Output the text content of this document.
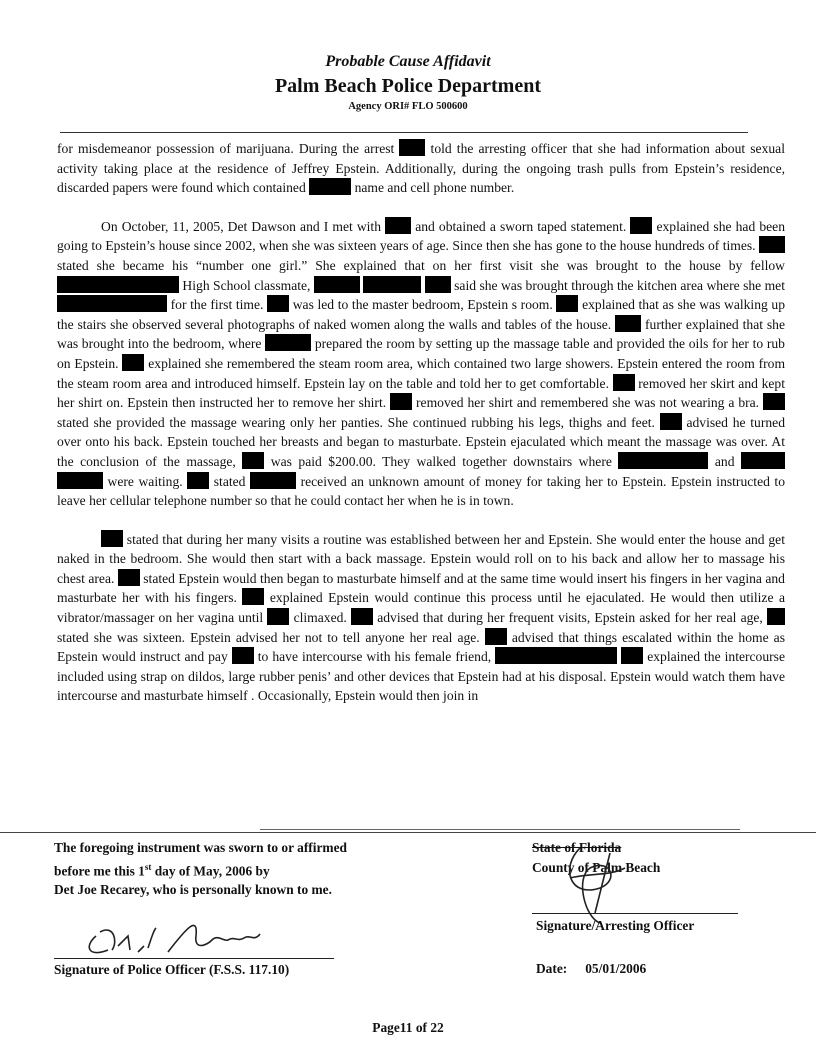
Probable Cause Affidavit
Palm Beach Police Department
Agency ORI# FLO 500600

for misdemeanor possession of marijuana. During the arrest	told the arresting officer that she had information about sexual activity taking place at the residence of Jeffrey Epstein. Additionally, during the ongoing trash pulls from Epstein’s residence, discarded papers were found which contained	name and cell phone number.

On October, 11, 2005, Det Dawson and I met with	and obtained a sworn taped statement. explained she had been going to Epstein’s house since 2002, when she was sixteen years of age. Since then she has gone to the house hundreds of times.  stated she became his “number one girl.” She explained that on her first visit she was brought to the house by fellow  High School classmate,	said she was brought through the kitchen area where she met  for the first time. was led to the master bedroom, Epstein s room. explained that as she was walking up the stairs she observed several photographs of naked women along the walls and tables of the house. further explained that she was brought into the bedroom, where	prepared the room by setting up the massage table and provided the oils for her to rub on Epstein. explained she remembered the steam room area, which contained two large showers. Epstein entered the room from the steam room area and introduced himself. Epstein lay on the table and told her to get comfortable. removed her skirt and kept her shirt on. Epstein then instructed her to remove her shirt. removed her shirt and remembered she was not wearing a bra.  stated she provided the massage wearing only her panties. She continued rubbing his legs, thighs and feet. advised he turned over onto his back. Epstein touched her breasts and began to masturbate. Epstein ejaculated which meant the massage was over. At the conclusion of the massage,	was paid $200.00. They walked together downstairs where	and   were waiting. stated	received an unknown amount of money for taking her to Epstein. Epstein instructed to leave her cellular telephone number so that he could contact her when he is in town.

stated that during her many visits a routine was established between her and Epstein. She would enter the house and get naked in the bedroom. She would then start with a back massage. Epstein would roll on to his back and allow her to massage his chest area. stated Epstein would then began to masturbate himself and at the same time would insert his fingers in her vagina and masturbate her with his fingers. explained Epstein would continue this process until he ejaculated. He would then utilize a vibrator/massager on her vagina until climaxed. advised that during her frequent visits, Epstein asked for her real age,  stated she was sixteen. Epstein advised her not to tell anyone her real age. advised that things escalated within the home as Epstein would instruct and pay to have intercourse with his female friend,	explained the intercourse included using strap on dildos, large rubber penis’ and other devices that Epstein had at his disposal. Epstein would watch them have intercourse and masturbate himself . Occasionally, Epstein would then join in

The foregoing instrument was sworn to or affirmed
before me this 1st day of May, 2006 by
Det Joe Recarey, who is personally known to me.
Signature of Police Officer (F.S.S. 117.10)
State of Florida
County of Palm Beach
Signature/Arresting Officer
Date: 05/01/2006
Page11 of 22
